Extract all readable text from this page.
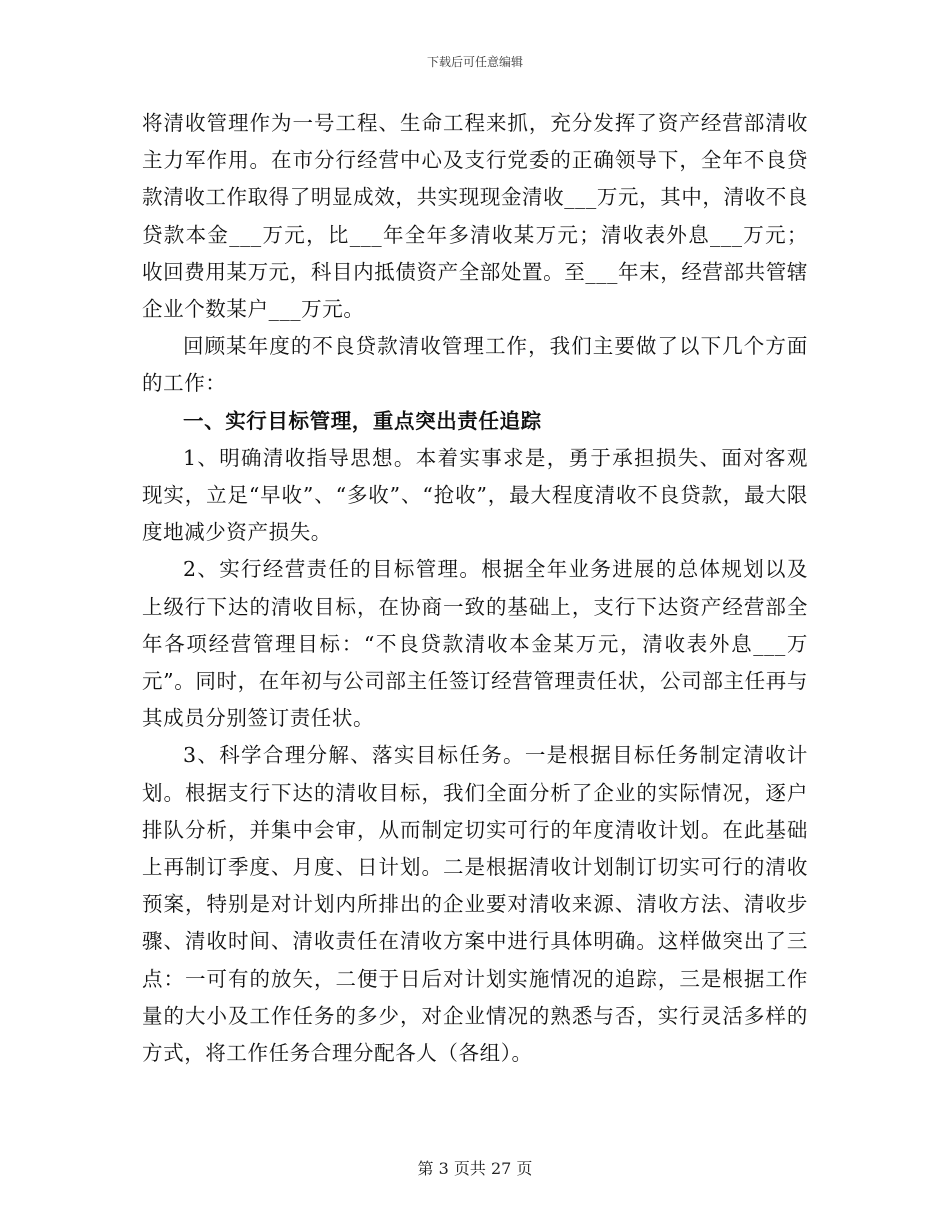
下载后可任意编辑

将清收管理作为一号工程、生命工程来抓，充分发挥了资产经营部清收主力军作用。在市分行经营中心及支行党委的正确领导下，全年不良贷款清收工作取得了明显成效，共实现现金清收___万元，其中，清收不良贷款本金___万元，比___年全年多清收某万元；清收表外息___万元；收回费用某万元，科目内抵债资产全部处置。至___年末，经营部共管辖企业个数某户___万元。

回顾某年度的不良贷款清收管理工作，我们主要做了以下几个方面的工作：

一、实行目标管理，重点突出责任追踪

1、明确清收指导思想。本着实事求是，勇于承担损失、面对客观现实，立足“早收”、“多收”、“抢收”，最大程度清收不良贷款，最大限度地减少资产损失。

2、实行经营责任的目标管理。根据全年业务进展的总体规划以及上级行下达的清收目标，在协商一致的基础上，支行下达资产经营部全年各项经营管理目标：“不良贷款清收本金某万元，清收表外息___万元”。同时，在年初与公司部主任签订经营管理责任状，公司部主任再与其成员分别签订责任状。

3、科学合理分解、落实目标任务。一是根据目标任务制定清收计划。根据支行下达的清收目标，我们全面分析了企业的实际情况，逐户排队分析，并集中会审，从而制定切实可行的年度清收计划。在此基础上再制订季度、月度、日计划。二是根据清收计划制订切实可行的清收预案，特别是对计划内所排出的企业要对清收来源、清收方法、清收步骤、清收时间、清收责任在清收方案中进行具体明确。这样做突出了三点：一可有的放矢，二便于日后对计划实施情况的追踪，三是根据工作量的大小及工作任务的多少，对企业情况的熟悉与否，实行灵活多样的方式，将工作任务合理分配各人（各组）。

第 3 页共 27 页
